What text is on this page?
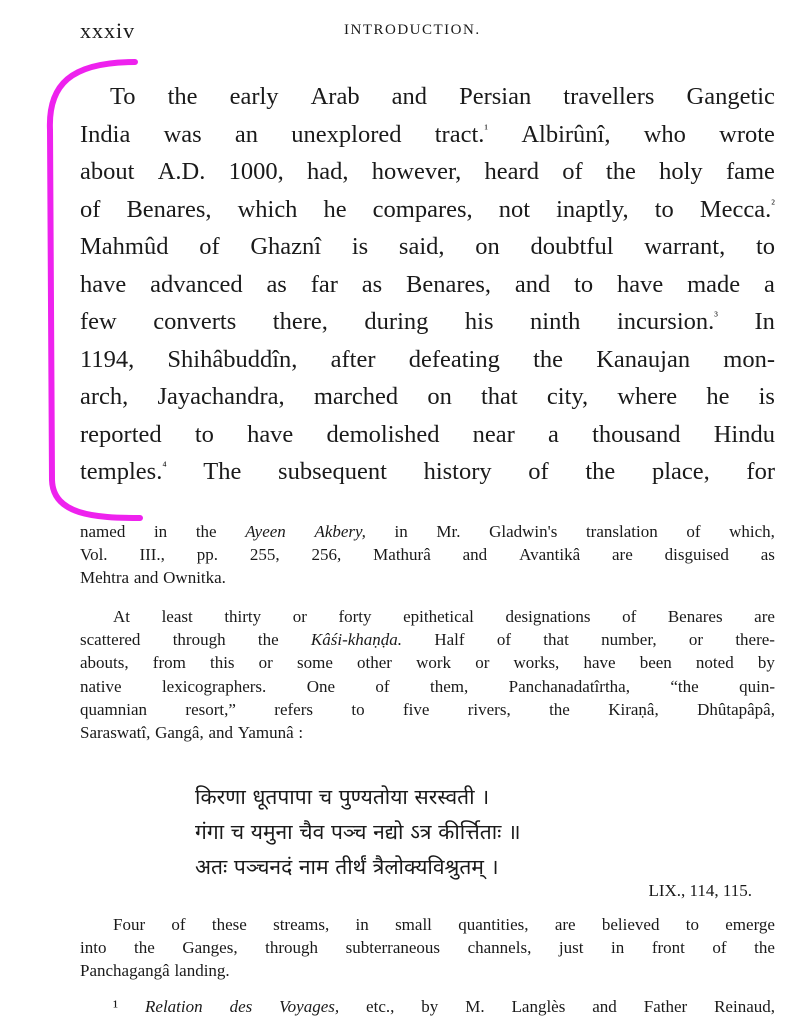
xxxiv	INTRODUCTION.
To the early Arab and Persian travellers Gangetic
India was an unexplored tract.$^{^1}$ Albirûnî, who wrote
about A.D. 1000, had, however, heard of the holy fame
of Benares, which he compares, not inaptly, to Mecca.$^{^2}$
Mahmûd of Ghaznî is said, on doubtful warrant, to
have advanced as far as Benares, and to have made a
few converts there, during his ninth incursion.$^{^3}$ In
1194, Shihâbuddîn, after defeating the Kanaujan mon-
arch, Jayachandra, marched on that city, where he is
reported to have demolished near a thousand Hindu
temples.$^{^4}$ The subsequent history of the place, for
named in the Ayeen Akbery, in Mr. Gladwin's translation of which,
Vol. III., pp. 255, 256, Mathurâ and Avantikâ are disguised as
Mehtra and Ownitka.
At least thirty or forty epithetical designations of Benares are
scattered through the Kâśi-khaṇḍa. Half of that number, or there-
abouts, from this or some other work or works, have been noted by
native lexicographers. One of them, Panchanadatîrtha, “the quin-
quamnian resort,” refers to five rivers, the Kiraṇâ, Dhûtapâpâ,
Saraswatî, Gangâ, and Yamunâ :
किरणा धूतपापा च पुण्यतोया सरस्वती ।
गंगा च यमुना चैव पञ्च नद्यो ऽत्र कीर्त्तिताः ॥
अतः पञ्चनदं नाम तीर्थं त्रैलोक्यविश्रुतम् ।
LIX., 114, 115.
Four of these streams, in small quantities, are believed to emerge
into the Ganges, through subterraneous channels, just in front of the
Panchagangâ landing.
¹ Relation des Voyages, etc., by M. Langlès and Father Reinaud,
